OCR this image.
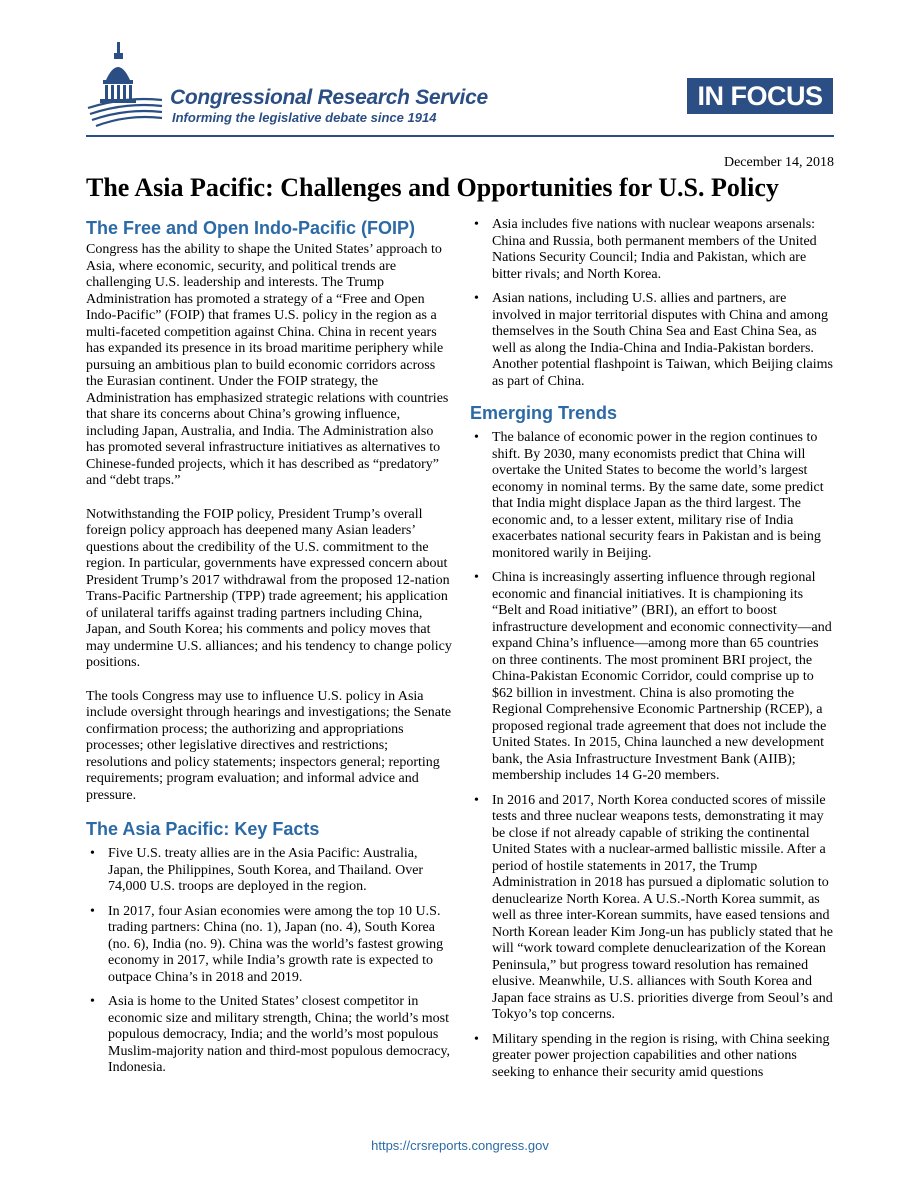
Congressional Research Service
Informing the legislative debate since 1914
IN FOCUS
December 14, 2018
The Asia Pacific: Challenges and Opportunities for U.S. Policy
The Free and Open Indo-Pacific (FOIP)

Congress has the ability to shape the United States’ approach to Asia, where economic, security, and political trends are challenging U.S. leadership and interests. The Trump Administration has promoted a strategy of a “Free and Open Indo-Pacific” (FOIP) that frames U.S. policy in the region as a multi-faceted competition against China. China in recent years has expanded its presence in its broad maritime periphery while pursuing an ambitious plan to build economic corridors across the Eurasian continent. Under the FOIP strategy, the Administration has emphasized strategic relations with countries that share its concerns about China’s growing influence, including Japan, Australia, and India. The Administration also has promoted several infrastructure initiatives as alternatives to Chinese-funded projects, which it has described as “predatory” and “debt traps.”

Notwithstanding the FOIP policy, President Trump’s overall foreign policy approach has deepened many Asian leaders’ questions about the credibility of the U.S. commitment to the region. In particular, governments have expressed concern about President Trump’s 2017 withdrawal from the proposed 12-nation Trans-Pacific Partnership (TPP) trade agreement; his application of unilateral tariffs against trading partners including China, Japan, and South Korea; his comments and policy moves that may undermine U.S. alliances; and his tendency to change policy positions.

The tools Congress may use to influence U.S. policy in Asia include oversight through hearings and investigations; the Senate confirmation process; the authorizing and appropriations processes; other legislative directives and restrictions; resolutions and policy statements; inspectors general; reporting requirements; program evaluation; and informal advice and pressure.

The Asia Pacific: Key Facts
• Five U.S. treaty allies are in the Asia Pacific: Australia, Japan, the Philippines, South Korea, and Thailand. Over 74,000 U.S. troops are deployed in the region.
• In 2017, four Asian economies were among the top 10 U.S. trading partners: China (no. 1), Japan (no. 4), South Korea (no. 6), India (no. 9). China was the world’s fastest growing economy in 2017, while India’s growth rate is expected to outpace China’s in 2018 and 2019.
• Asia is home to the United States’ closest competitor in economic size and military strength, China; the world’s most populous democracy, India; and the world’s most populous Muslim-majority nation and third-most populous democracy, Indonesia.
• Asia includes five nations with nuclear weapons arsenals: China and Russia, both permanent members of the United Nations Security Council; India and Pakistan, which are bitter rivals; and North Korea.
• Asian nations, including U.S. allies and partners, are involved in major territorial disputes with China and among themselves in the South China Sea and East China Sea, as well as along the India-China and India-Pakistan borders. Another potential flashpoint is Taiwan, which Beijing claims as part of China.
Emerging Trends
• The balance of economic power in the region continues to shift. By 2030, many economists predict that China will overtake the United States to become the world’s largest economy in nominal terms. By the same date, some predict that India might displace Japan as the third largest. The economic and, to a lesser extent, military rise of India exacerbates national security fears in Pakistan and is being monitored warily in Beijing.
• China is increasingly asserting influence through regional economic and financial initiatives. It is championing its “Belt and Road initiative” (BRI), an effort to boost infrastructure development and economic connectivity—and expand China’s influence—among more than 65 countries on three continents. The most prominent BRI project, the China-Pakistan Economic Corridor, could comprise up to $62 billion in investment. China is also promoting the Regional Comprehensive Economic Partnership (RCEP), a proposed regional trade agreement that does not include the United States. In 2015, China launched a new development bank, the Asia Infrastructure Investment Bank (AIIB); membership includes 14 G-20 members.
• In 2016 and 2017, North Korea conducted scores of missile tests and three nuclear weapons tests, demonstrating it may be close if not already capable of striking the continental United States with a nuclear-armed ballistic missile. After a period of hostile statements in 2017, the Trump Administration in 2018 has pursued a diplomatic solution to denuclearize North Korea. A U.S.-North Korea summit, as well as three inter-Korean summits, have eased tensions and North Korean leader Kim Jong-un has publicly stated that he will “work toward complete denuclearization of the Korean Peninsula,” but progress toward resolution has remained elusive. Meanwhile, U.S. alliances with South Korea and Japan face strains as U.S. priorities diverge from Seoul’s and Tokyo’s top concerns.
• Military spending in the region is rising, with China seeking greater power projection capabilities and other nations seeking to enhance their security amid questions
https://crsreports.congress.gov
